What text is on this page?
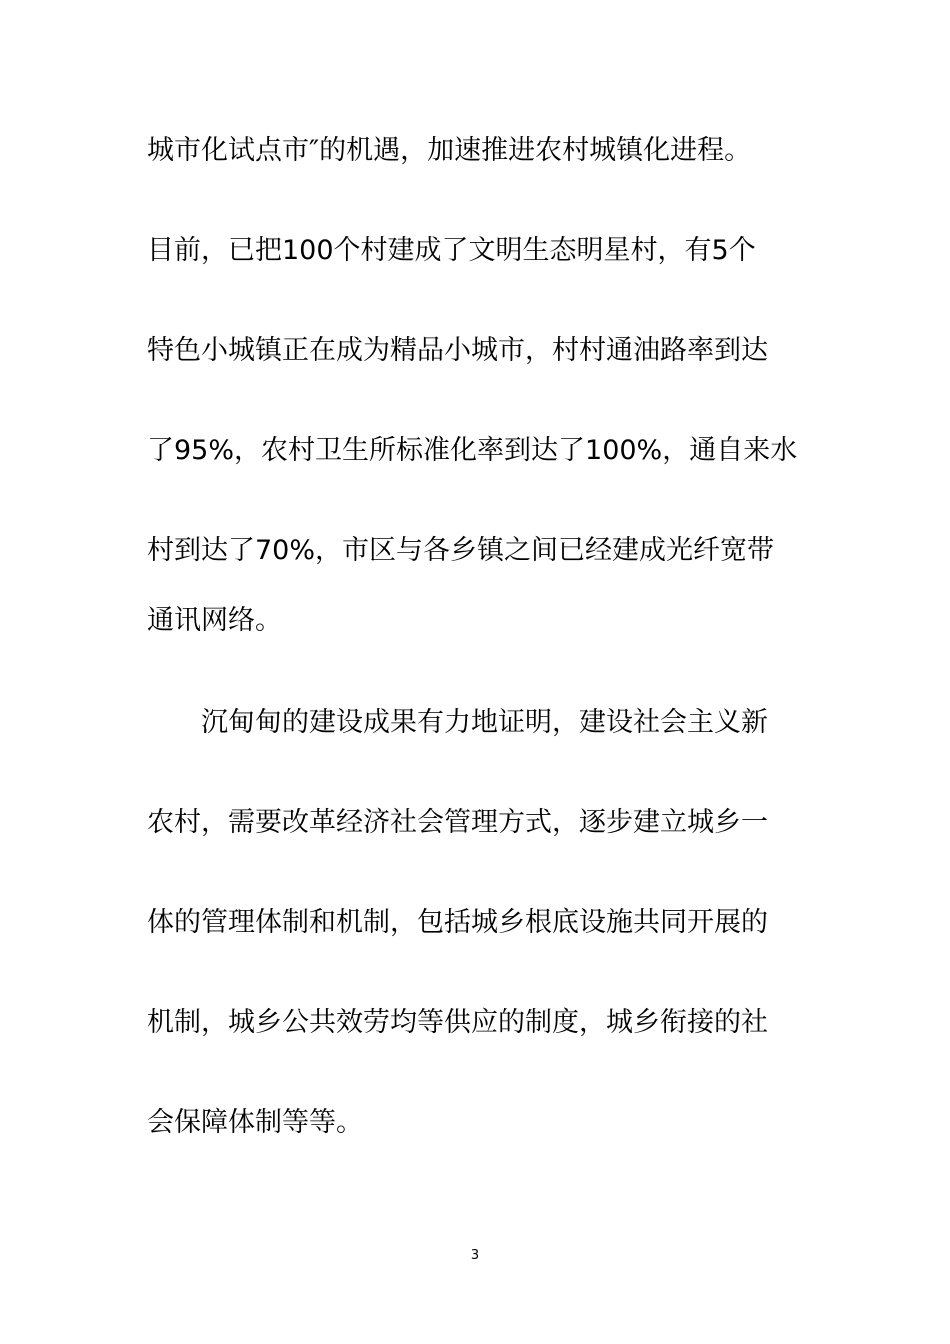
城市化试点市″的机遇，加速推进农村城镇化进程。
目前，已把100个村建成了文明生态明星村，有5个
特色小城镇正在成为精品小城市，村村通油路率到达
了95%，农村卫生所标准化率到达了100%，通自来水
村到达了70%，市区与各乡镇之间已经建成光纤宽带
通讯网络。
沉甸甸的建设成果有力地证明，建设社会主义新
农村，需要改革经济社会管理方式，逐步建立城乡一
体的管理体制和机制，包括城乡根底设施共同开展的
机制，城乡公共效劳均等供应的制度，城乡衔接的社
会保障体制等等。
3
